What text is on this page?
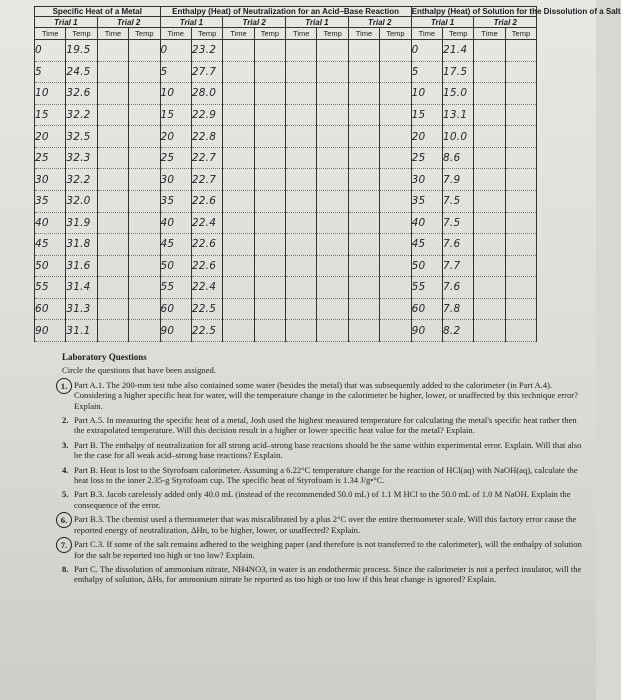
Specific Heat of a Metal				Enthalpy (Heat) of Neutralization for an Acid–Base Reaction								Enthalpy (Heat) of Solution for the Dissolution of a Salt			
Trial 1		Trial 2		Trial 1		Trial 2		Trial 1		Trial 2		Trial 1		Trial 2	
Time	Temp	Time	Temp	Time	Temp	Time	Temp	Time	Temp	Time	Temp	Time	Temp	Time	Temp
0	19.5			0	23.2							0	21.4		
5	24.5			5	27.7							5	17.5		
10	32.6			10	28.0							10	15.0		
15	32.2			15	22.9							15	13.1		
20	32.5			20	22.8							20	10.0		
25	32.3			25	22.7							25	8.6		
30	32.2			30	22.7							30	7.9		
35	32.0			35	22.6							35	7.5		
40	31.9			40	22.4							40	7.5		
45	31.8			45	22.6							45	7.6		
50	31.6			50	22.6							50	7.7		
55	31.4			55	22.4							55	7.6		
60	31.3			60	22.5							60	7.8		
90	31.1			90	22.5							90	8.2		
Laboratory Questions
Circle the questions that have been assigned.
1. Part A.1. The 200-mm test tube also contained some water (besides the metal) that was subsequently added to the calorimeter (in Part A.4). Considering a higher specific heat for water, will the temperature change in the calorimeter be higher, lower, or unaffected by this technique error? Explain.
2. Part A.5. In measuring the specific heat of a metal, Josh used the highest measured temperature for calculating the metal's specific heat rather then the extrapolated temperature. Will this decision result in a higher or lower specific heat value for the metal? Explain.
3. Part B. The enthalpy of neutralization for all strong acid–strong base reactions should be the same within experimental error. Explain. Will that also be the case for all weak acid–strong base reactions? Explain.
4. Part B. Heat is lost to the Styrofoam calorimeter. Assuming a 6.22°C temperature change for the reaction of HCl(aq) with NaOH(aq), calculate the heat loss to the inner 2.35-g Styrofoam cup. The specific heat of Styrofoam is 1.34 J/g•°C.
5. Part B.3. Jacob carelessly added only 40.0 mL (instead of the recommended 50.0 mL) of 1.1 M HCl to the 50.0 mL of 1.0 M NaOH. Explain the consequence of the error.
6. Part B.3. The chemist used a thermometer that was miscalibrated by a plus 2°C over the entire thermometer scale. Will this factory error cause the reported energy of neutralization, ΔHn, to be higher, lower, or unaffected? Explain.
7. Part C.3. If some of the salt remains adhered to the weighing paper (and therefore is not transferred to the calorimeter), will the enthalpy of solution for the salt be reported too high or too low? Explain.
8. Part C. The dissolution of ammonium nitrate, NH4NO3, in water is an endothermic process. Since the calorimeter is not a perfect insulator, will the enthalpy of solution, ΔHs, for ammonium nitrate be reported as too high or too low if this heat change is ignored? Explain.
